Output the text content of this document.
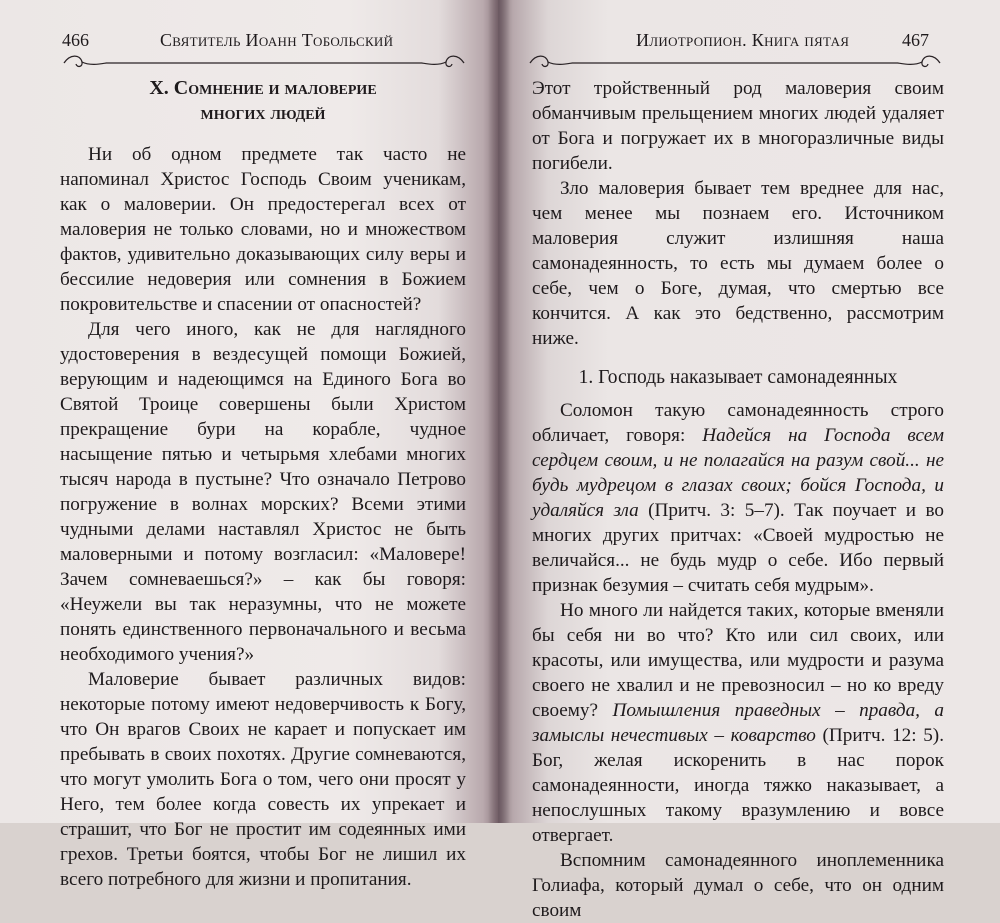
466	Святитель Иоанн Тобольский
X. Сомнение и маловерие
многих людей

Ни об одном предмете так часто не напоминал Христос Господь Своим ученикам, как о маловерии. Он предостерегал всех от маловерия не только словами, но и множеством фактов, удивительно доказывающих силу веры и бессилие недоверия или сомнения в Божием покровительстве и спасении от опасностей?

Для чего иного, как не для наглядного удостоверения в вездесущей помощи Божией, верующим и надеющимся на Единого Бога во Святой Троице совершены были Христом прекращение бури на корабле, чудное насыщение пятью и четырьмя хлебами многих тысяч народа в пустыне? Что означало Петрово погружение в волнах морских? Всеми этими чудными делами наставлял Христос не быть маловерными и потому возгласил: «Маловере! Зачем сомневаешься?» – как бы говоря: «Неужели вы так неразумны, что не можете понять единственного первоначального и весьма необходимого учения?»

Маловерие бывает различных видов: некоторые потому имеют недоверчивость к Богу, что Он врагов Своих не карает и попускает им пребывать в своих похотях. Другие сомневаются, что могут умолить Бога о том, чего они просят у Него, тем более когда совесть их упрекает и страшит, что Бог не простит им содеянных ими грехов. Третьи боятся, чтобы Бог не лишил их всего потребного для жизни и пропитания.

Илиотропион. Книга пятая	467

Этот тройственный род маловерия своим обманчивым прельщением многих людей удаляет от Бога и погружает их в многоразличные виды погибели.

Зло маловерия бывает тем вреднее для нас, чем менее мы познаем его. Источником маловерия служит излишняя наша самонадеянность, то есть мы думаем более о себе, чем о Боге, думая, что смертью все кончится. А как это бедственно, рассмотрим ниже.

1. Господь наказывает самонадеянных

Соломон такую самонадеянность строго обличает, говоря: Надейся на Господа всем сердцем своим, и не полагайся на разум свой... не будь мудрецом в глазах своих; бойся Господа, и удаляйся зла (Притч. 3: 5–7). Так поучает и во многих других притчах: «Своей мудростью не величайся... не будь мудр о себе. Ибо первый признак безумия – считать себя мудрым».

Но много ли найдется таких, которые вменяли бы себя ни во что? Кто или сил своих, или красоты, или имущества, или мудрости и разума своего не хвалил и не превозносил – но ко вреду своему? Помышления праведных – правда, а замыслы нечестивых – коварство (Притч. 12: 5). Бог, желая искоренить в нас порок самонадеянности, иногда тяжко наказывает, а непослушных такому вразумлению и вовсе отвергает.

Вспомним самонадеянного иноплеменника Голиафа, который думал о себе, что он одним своим
